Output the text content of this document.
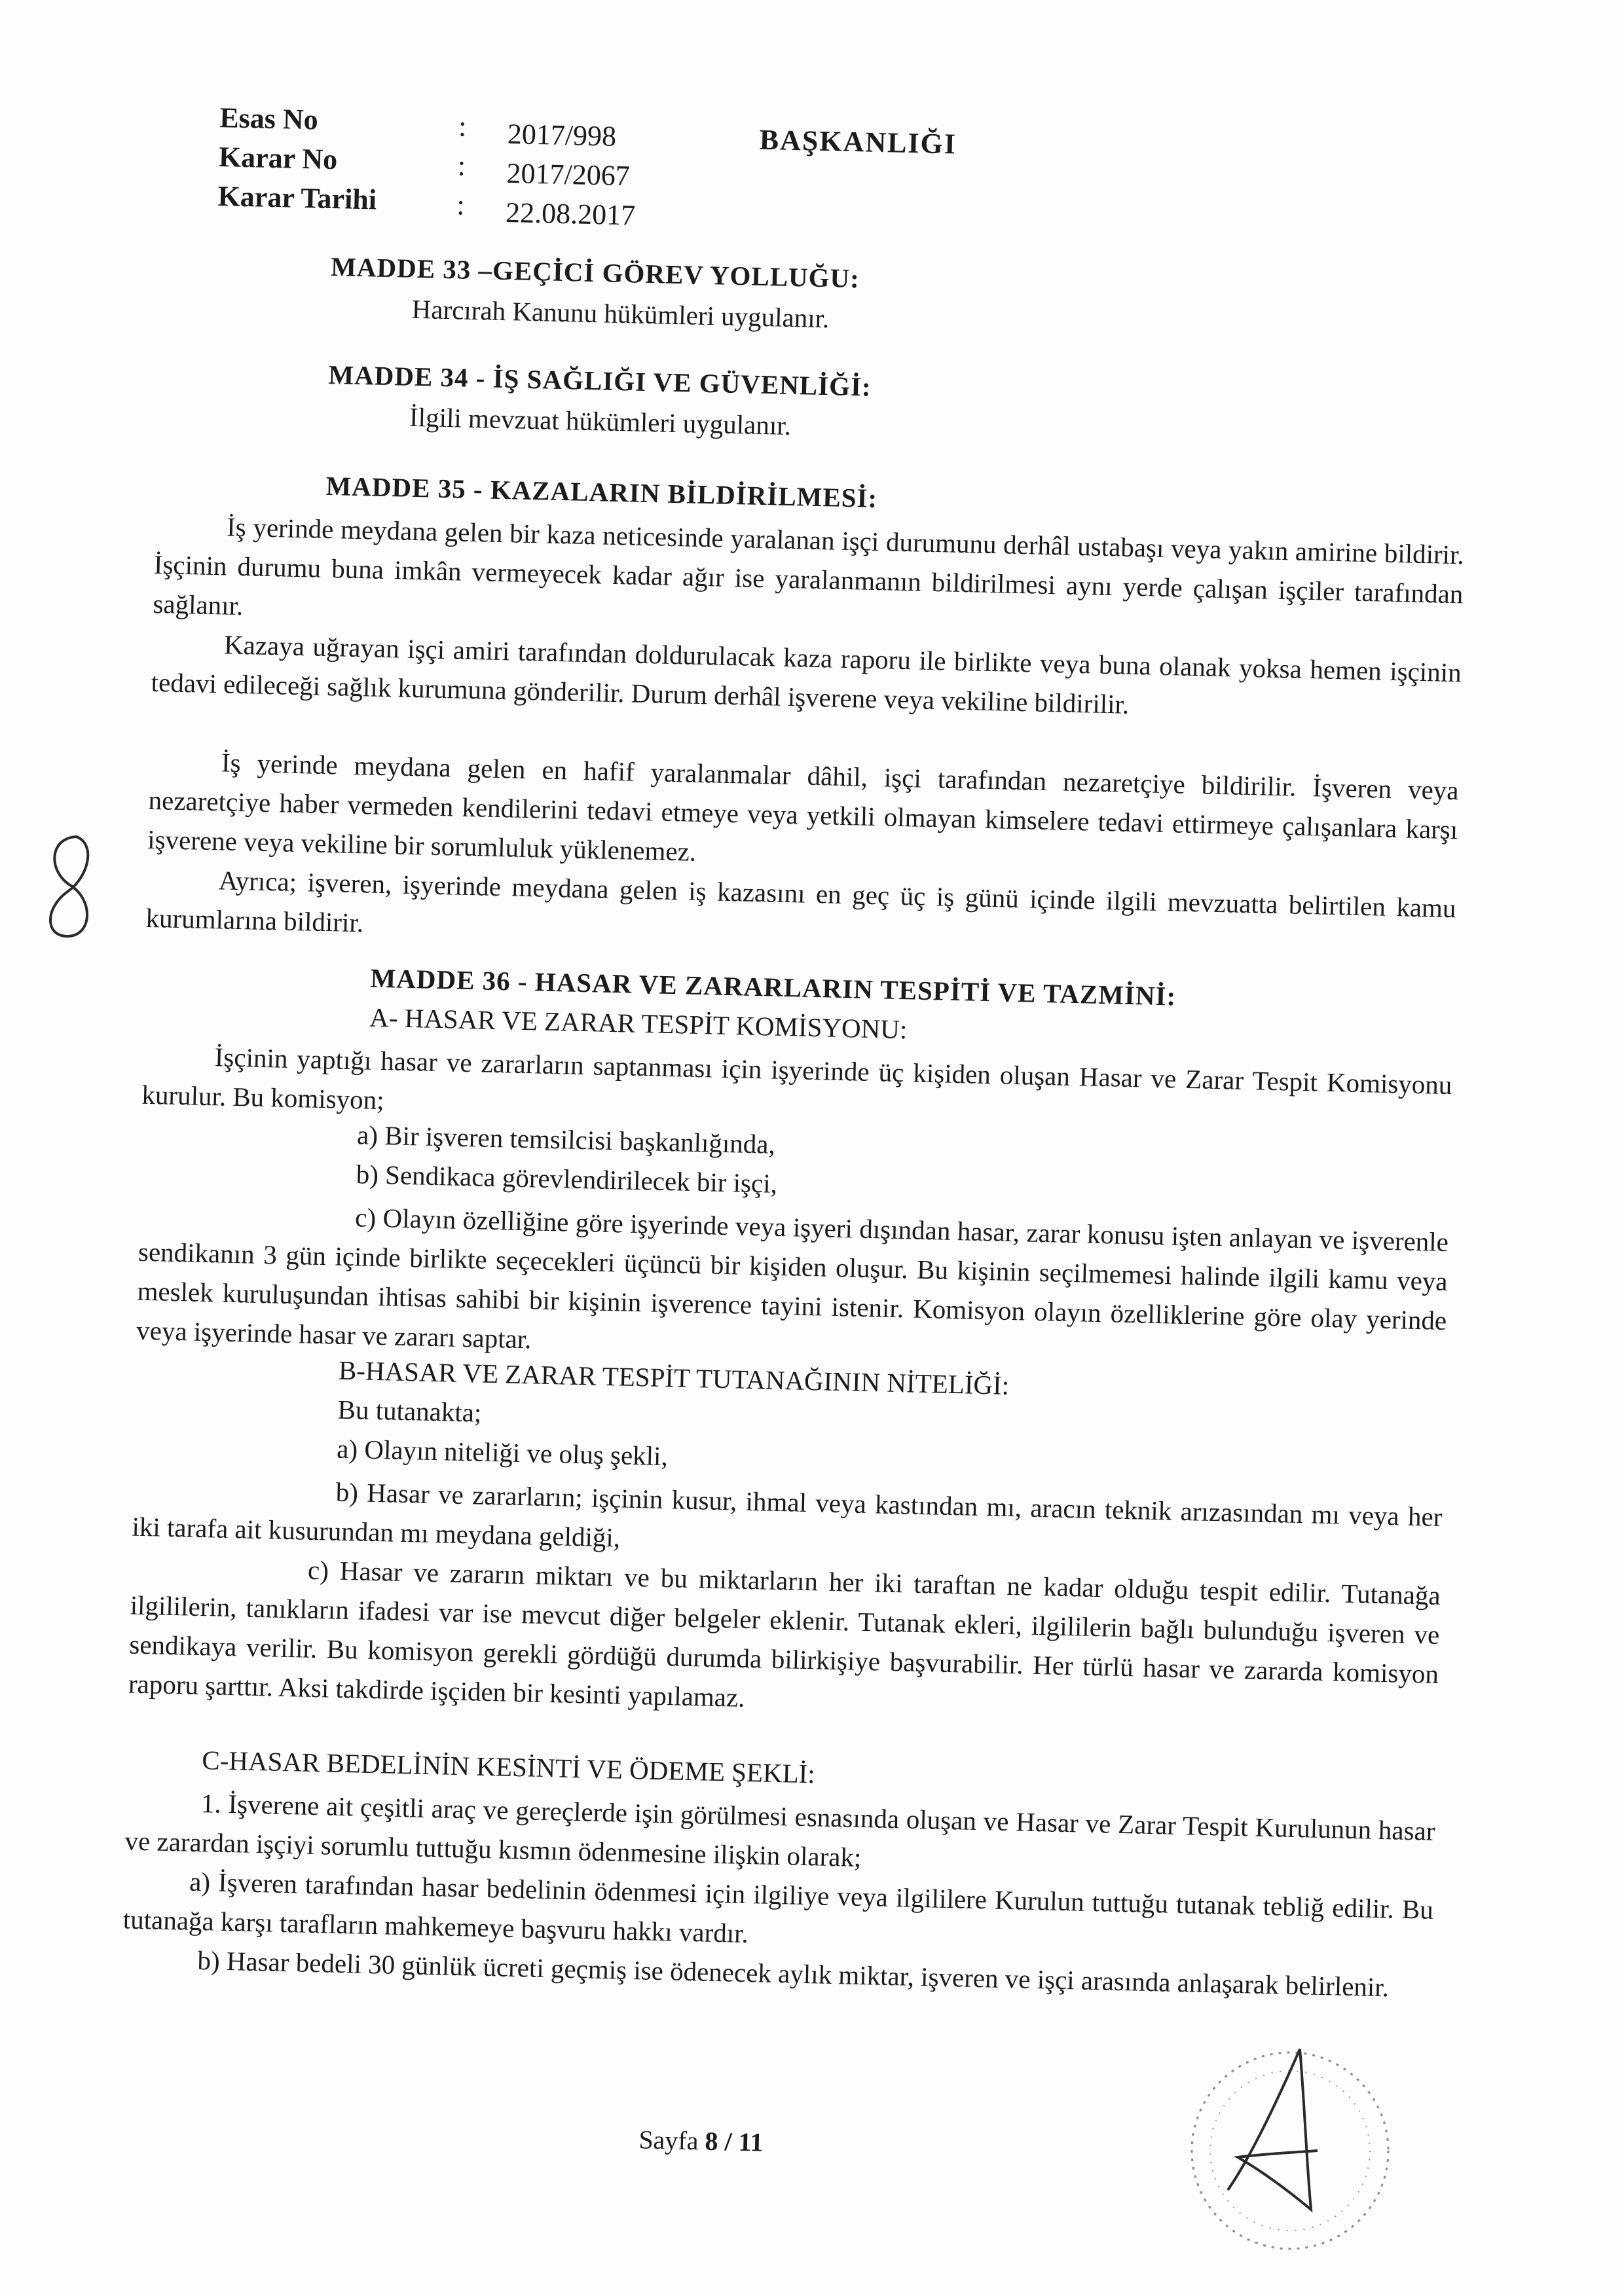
Esas No	: 2017/998
Karar No	: 2017/2067
Karar Tarihi	: 22.08.2017
BAŞKANLIĞI

MADDE 33 –GEÇİCİ GÖREV YOLLUĞU:

Harcırah Kanunu hükümleri uygulanır.

MADDE 34 - İŞ SAĞLIĞI VE GÜVENLİĞİ:

İlgili mevzuat hükümleri uygulanır.

MADDE 35 - KAZALARIN BİLDİRİLMESİ:

İş yerinde meydana gelen bir kaza neticesinde yaralanan işçi durumunu derhâl ustabaşı veya yakın amirine bildirir. İşçinin durumu buna imkân vermeyecek kadar ağır ise yaralanmanın bildirilmesi aynı yerde çalışan işçiler tarafından sağlanır.

Kazaya uğrayan işçi amiri tarafından doldurulacak kaza raporu ile birlikte veya buna olanak yoksa hemen işçinin tedavi edileceği sağlık kurumuna gönderilir. Durum derhâl işverene veya vekiline bildirilir.

İş yerinde meydana gelen en hafif yaralanmalar dâhil, işçi tarafından nezaretçiye bildirilir. İşveren veya nezaretçiye haber vermeden kendilerini tedavi etmeye veya yetkili olmayan kimselere tedavi ettirmeye çalışanlara karşı işverene veya vekiline bir sorumluluk yüklenemez.

Ayrıca; işveren, işyerinde meydana gelen iş kazasını en geç üç iş günü içinde ilgili mevzuatta belirtilen kamu kurumlarına bildirir.

MADDE 36 - HASAR VE ZARARLARIN TESPİTİ VE TAZMİNİ:

A- HASAR VE ZARAR TESPİT KOMİSYONU:

İşçinin yaptığı hasar ve zararların saptanması için işyerinde üç kişiden oluşan Hasar ve Zarar Tespit Komisyonu kurulur. Bu komisyon;

a) Bir işveren temsilcisi başkanlığında,

b) Sendikaca görevlendirilecek bir işçi,

c) Olayın özelliğine göre işyerinde veya işyeri dışından hasar, zarar konusu işten anlayan ve işverenle sendikanın 3 gün içinde birlikte seçecekleri üçüncü bir kişiden oluşur. Bu kişinin seçilmemesi halinde ilgili kamu veya meslek kuruluşundan ihtisas sahibi bir kişinin işverence tayini istenir. Komisyon olayın özelliklerine göre olay yerinde veya işyerinde hasar ve zararı saptar.

B-HASAR VE ZARAR TESPİT TUTANAĞININ NİTELİĞİ:

Bu tutanakta;

a) Olayın niteliği ve oluş şekli,

b) Hasar ve zararların; işçinin kusur, ihmal veya kastından mı, aracın teknik arızasından mı veya her iki tarafa ait kusurundan mı meydana geldiği,

c) Hasar ve zararın miktarı ve bu miktarların her iki taraftan ne kadar olduğu tespit edilir. Tutanağa ilgililerin, tanıkların ifadesi var ise mevcut diğer belgeler eklenir. Tutanak ekleri, ilgililerin bağlı bulunduğu işveren ve sendikaya verilir. Bu komisyon gerekli gördüğü durumda bilirkişiye başvurabilir. Her türlü hasar ve zararda komisyon raporu şarttır. Aksi takdirde işçiden bir kesinti yapılamaz.

C-HASAR BEDELİNİN KESİNTİ VE ÖDEME ŞEKLİ:

1. İşverene ait çeşitli araç ve gereçlerde işin görülmesi esnasında oluşan ve Hasar ve Zarar Tespit Kurulunun hasar ve zarardan işçiyi sorumlu tuttuğu kısmın ödenmesine ilişkin olarak;

a) İşveren tarafından hasar bedelinin ödenmesi için ilgiliye veya ilgililere Kurulun tuttuğu tutanak tebliğ edilir. Bu tutanağa karşı tarafların mahkemeye başvuru hakkı vardır.

b) Hasar bedeli 30 günlük ücreti geçmiş ise ödenecek aylık miktar, işveren ve işçi arasında anlaşarak belirlenir.

Sayfa 8 / 11
